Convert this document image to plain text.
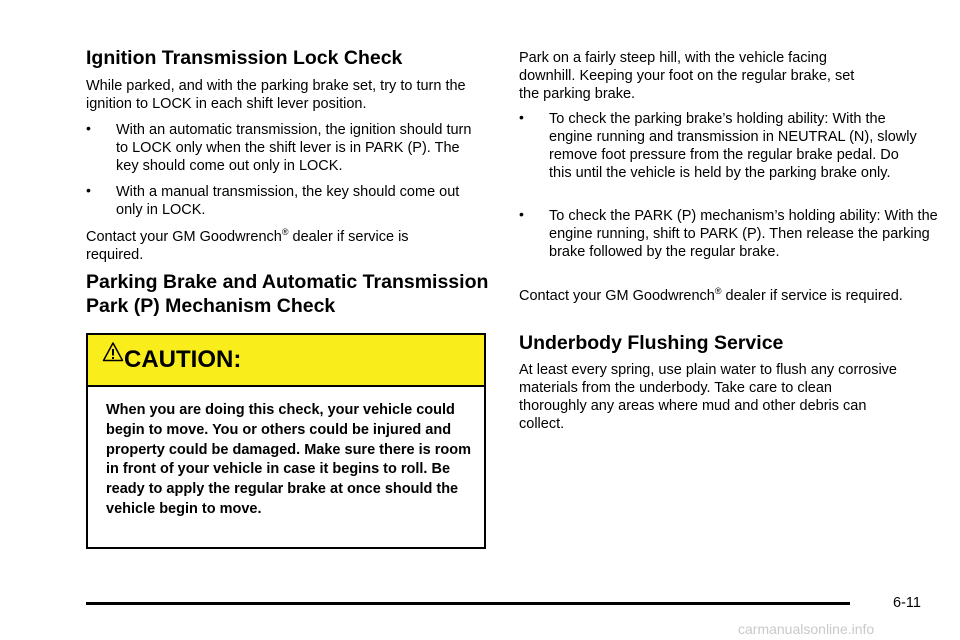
Ignition Transmission Lock Check

While parked, and with the parking brake set, try to turn the ignition to LOCK in each shift lever position.

• With an automatic transmission, the ignition should turn to LOCK only when the shift lever is in PARK (P). The key should come out only in LOCK.
• With a manual transmission, the key should come out only in LOCK.

Contact your GM Goodwrench® dealer if service is required.

Parking Brake and Automatic Transmission
Park (P) Mechanism Check
CAUTION:
When you are doing this check, your vehicle could begin to move. You or others could be injured and property could be damaged. Make sure there is room in front of your vehicle in case it begins to roll. Be ready to apply the regular brake at once should the vehicle begin to move.

Park on a fairly steep hill, with the vehicle facing downhill. Keeping your foot on the regular brake, set the parking brake.

• To check the parking brake’s holding ability: With the engine running and transmission in NEUTRAL (N), slowly remove foot pressure from the regular brake pedal. Do this until the vehicle is held by the parking brake only.
• To check the PARK (P) mechanism’s holding ability: With the engine running, shift to PARK (P). Then release the parking brake followed by the regular brake.

Contact your GM Goodwrench® dealer if service is required.

Underbody Flushing Service

At least every spring, use plain water to flush any corrosive materials from the underbody. Take care to clean thoroughly any areas where mud and other debris can collect.

6-11
carmanualsonline.info
